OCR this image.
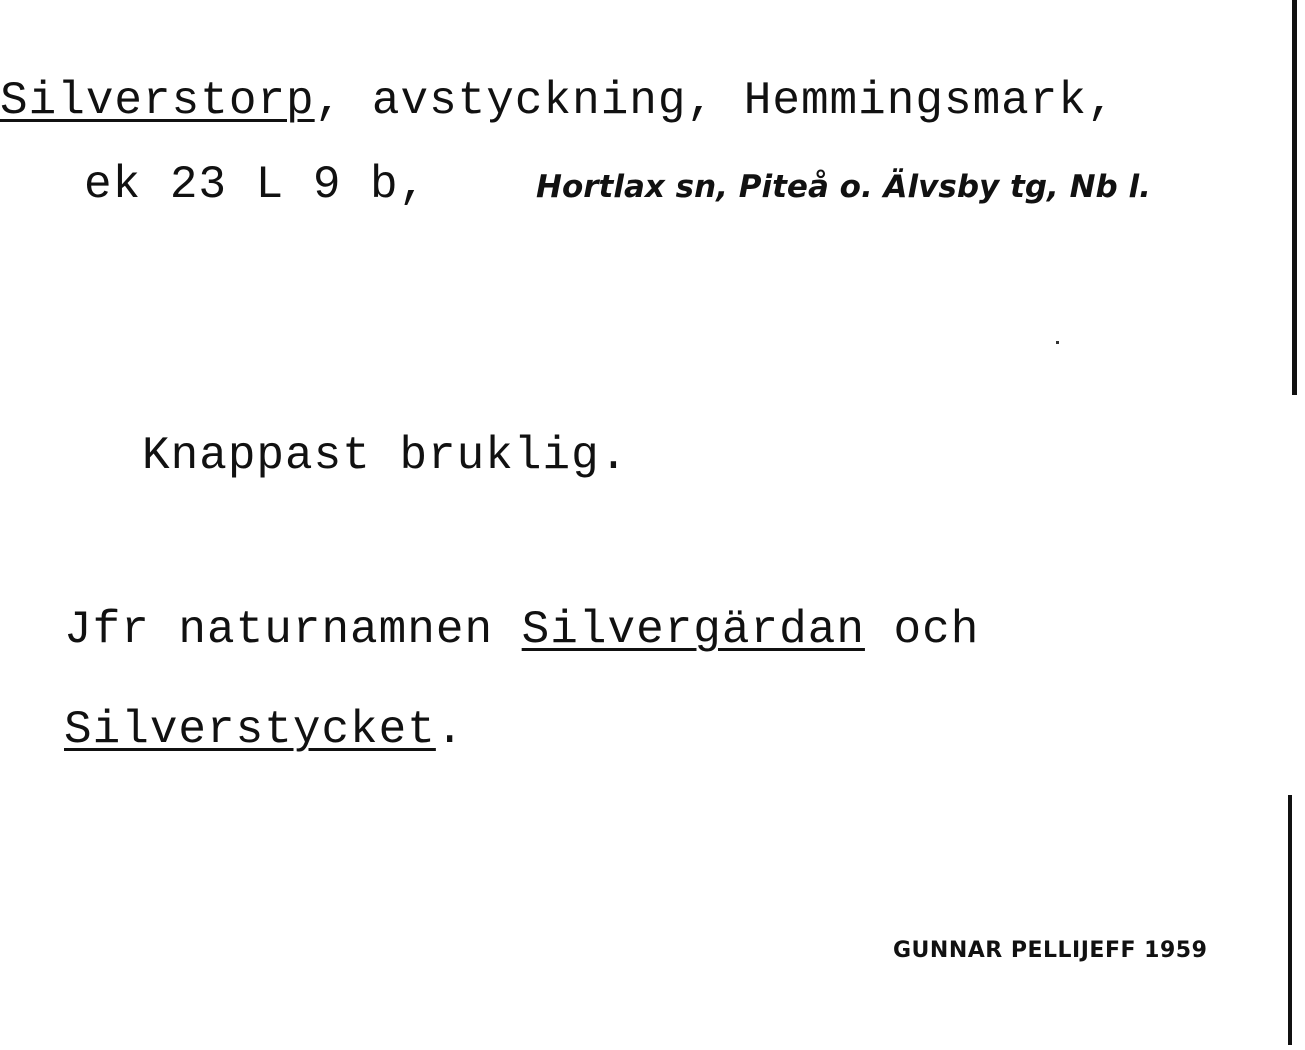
Silverstorp, avstyckning, Hemmingsmark,
ek 23 L 9 b,	Hortlax sn, Piteå o. Älvsby tg, Nb l.
Knappast bruklig.
Jfr naturnamnen Silvergärdan och
Silverstycket.
GUNNAR PELLIJEFF 1959
